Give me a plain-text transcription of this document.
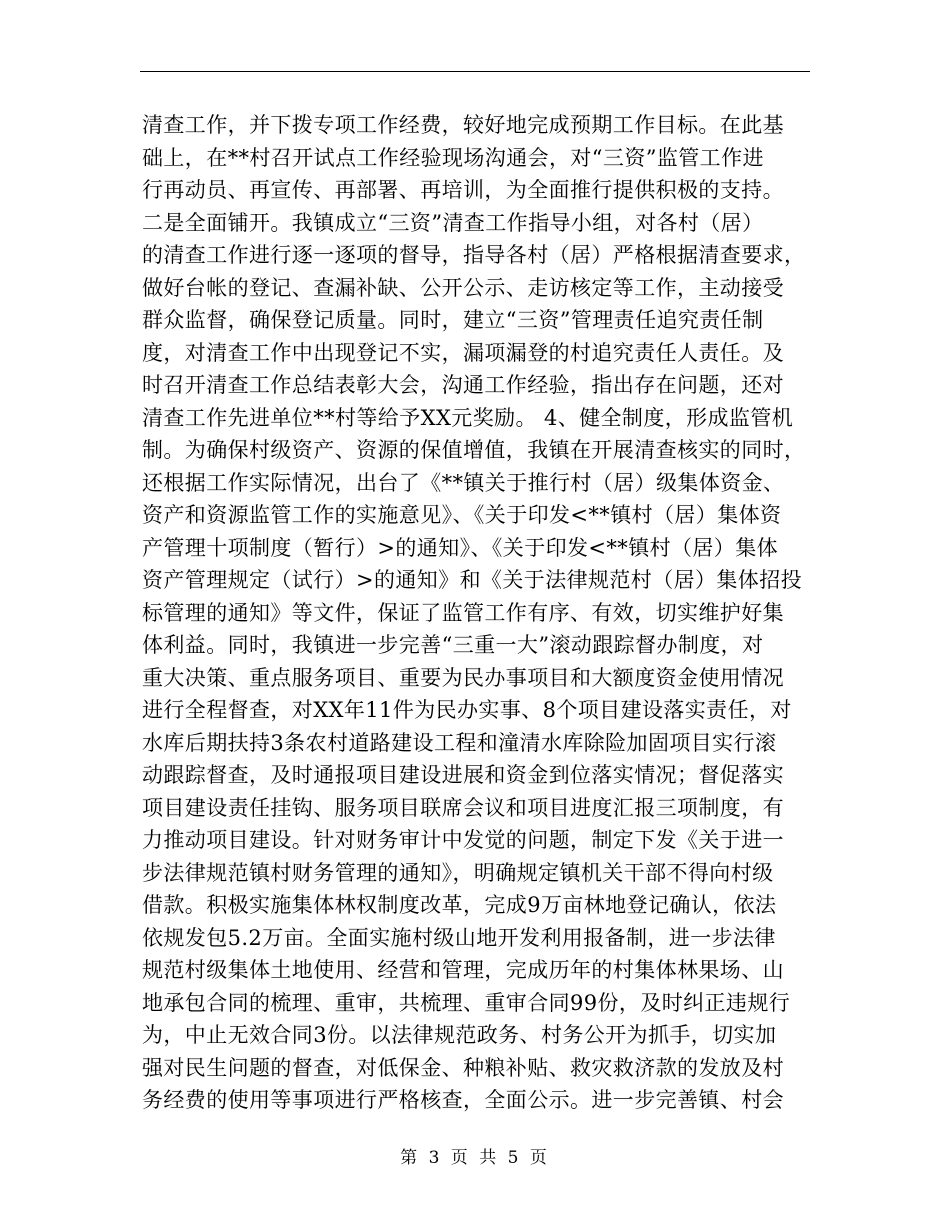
清查工作，并下拨专项工作经费，较好地完成预期工作目标。在此基
础上，在**村召开试点工作经验现场沟通会，对“三资”监管工作进
行再动员、再宣传、再部署、再培训，为全面推行提供积极的支持。
二是全面铺开。我镇成立“三资”清查工作指导小组，对各村（居）
的清查工作进行逐一逐项的督导，指导各村（居）严格根据清查要求，
做好台帐的登记、查漏补缺、公开公示、走访核定等工作，主动接受
群众监督，确保登记质量。同时，建立“三资”管理责任追究责任制
度，对清查工作中出现登记不实，漏项漏登的村追究责任人责任。及
时召开清查工作总结表彰大会，沟通工作经验，指出存在问题，还对
清查工作先进单位**村等给予XX元奖励。 4、健全制度，形成监管机
制。为确保村级资产、资源的保值增值，我镇在开展清查核实的同时，
还根据工作实际情况，出台了《**镇关于推行村（居）级集体资金、
资产和资源监管工作的实施意见》、《关于印发<**镇村（居）集体资
产管理十项制度（暂行）>的通知》、《关于印发<**镇村（居）集体
资产管理规定（试行）>的通知》和《关于法律规范村（居）集体招投
标管理的通知》等文件，保证了监管工作有序、有效，切实维护好集
体利益。同时，我镇进一步完善“三重一大”滚动跟踪督办制度，对
重大决策、重点服务项目、重要为民办事项目和大额度资金使用情况
进行全程督查，对XX年11件为民办实事、8个项目建设落实责任，对
水库后期扶持3条农村道路建设工程和潼清水库除险加固项目实行滚
动跟踪督查，及时通报项目建设进展和资金到位落实情况；督促落实
项目建设责任挂钩、服务项目联席会议和项目进度汇报三项制度，有
力推动项目建设。针对财务审计中发觉的问题，制定下发《关于进一
步法律规范镇村财务管理的通知》，明确规定镇机关干部不得向村级
借款。积极实施集体林权制度改革，完成9万亩林地登记确认，依法
依规发包5.2万亩。全面实施村级山地开发利用报备制，进一步法律
规范村级集体土地使用、经营和管理，完成历年的村集体林果场、山
地承包合同的梳理、重审，共梳理、重审合同99份，及时纠正违规行
为，中止无效合同3份。以法律规范政务、村务公开为抓手，切实加
强对民生问题的督查，对低保金、种粮补贴、救灾救济款的发放及村
务经费的使用等事项进行严格核查，全面公示。进一步完善镇、村会
第 3 页 共 5 页
